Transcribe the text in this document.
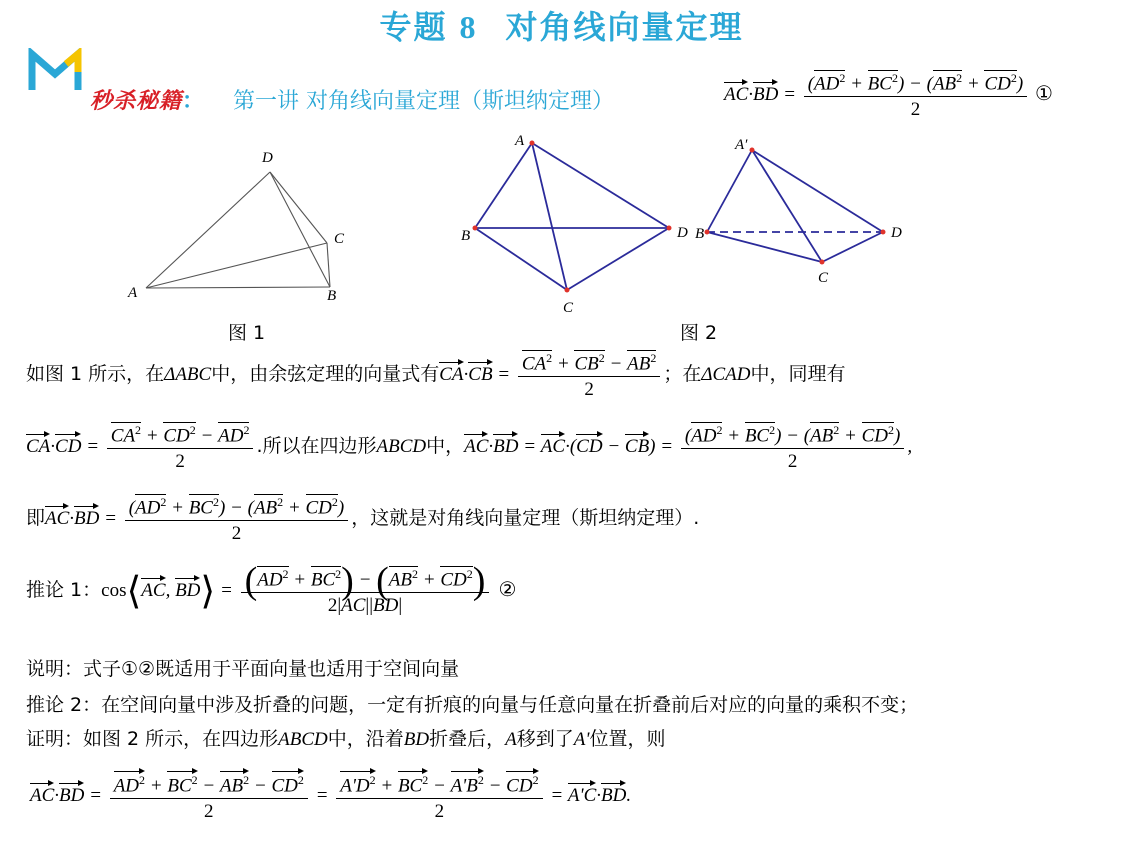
专题 8 对角线向量定理
秒杀秘籍： 第一讲 对角线向量定理（斯坦纳定理）	$AC\cdot BD = \frac{(AD^2 + BC^2) - (AB^2 + CD^2)}{2}$ ①
A	B
C
D
图 1
A
B	D
C
A′
B	D
C
图 2
如图 1 所示，在ΔABC中，由余弦定理的向量式有$CA\cdot CB = \frac{CA^2 + CB^2 - AB^2}{2}$ ；在ΔCAD中，同理有
$CA\cdot CD = \frac{CA^2 + CD^2 - AD^2}{2}$ .所以在四边形ABCD中，$AC\cdot BD = AC\cdot(CD - CB) = \frac{(AD^2 + BC^2) - (AB^2 + CD^2)}{2}$ ,
即$AC\cdot BD = \frac{(AD^2 + BC^2) - (AB^2 + CD^2)}{2}$ ，这就是对角线向量定理（斯坦纳定理）.
推论 1：cos⟨AC, BD⟩ = $\frac{(AD^2 + BC^2) - (AB^2 + CD^2)}{2|AC||BD|}$ ②
说明：式子①②既适用于平面向量也适用于空间向量
推论 2：在空间向量中涉及折叠的问题，一定有折痕的向量与任意向量在折叠前后对应的向量的乘积不变；
证明：如图 2 所示，在四边形ABCD中，沿着BD折叠后，A移到了A'位置，则
$AC\cdot BD = \frac{AD^2 + BC^2 - AB^2 - CD^2}{2} = \frac{A'D^2 + BC^2 - A'B^2 - CD^2}{2} = A'C\cdot BD$.
